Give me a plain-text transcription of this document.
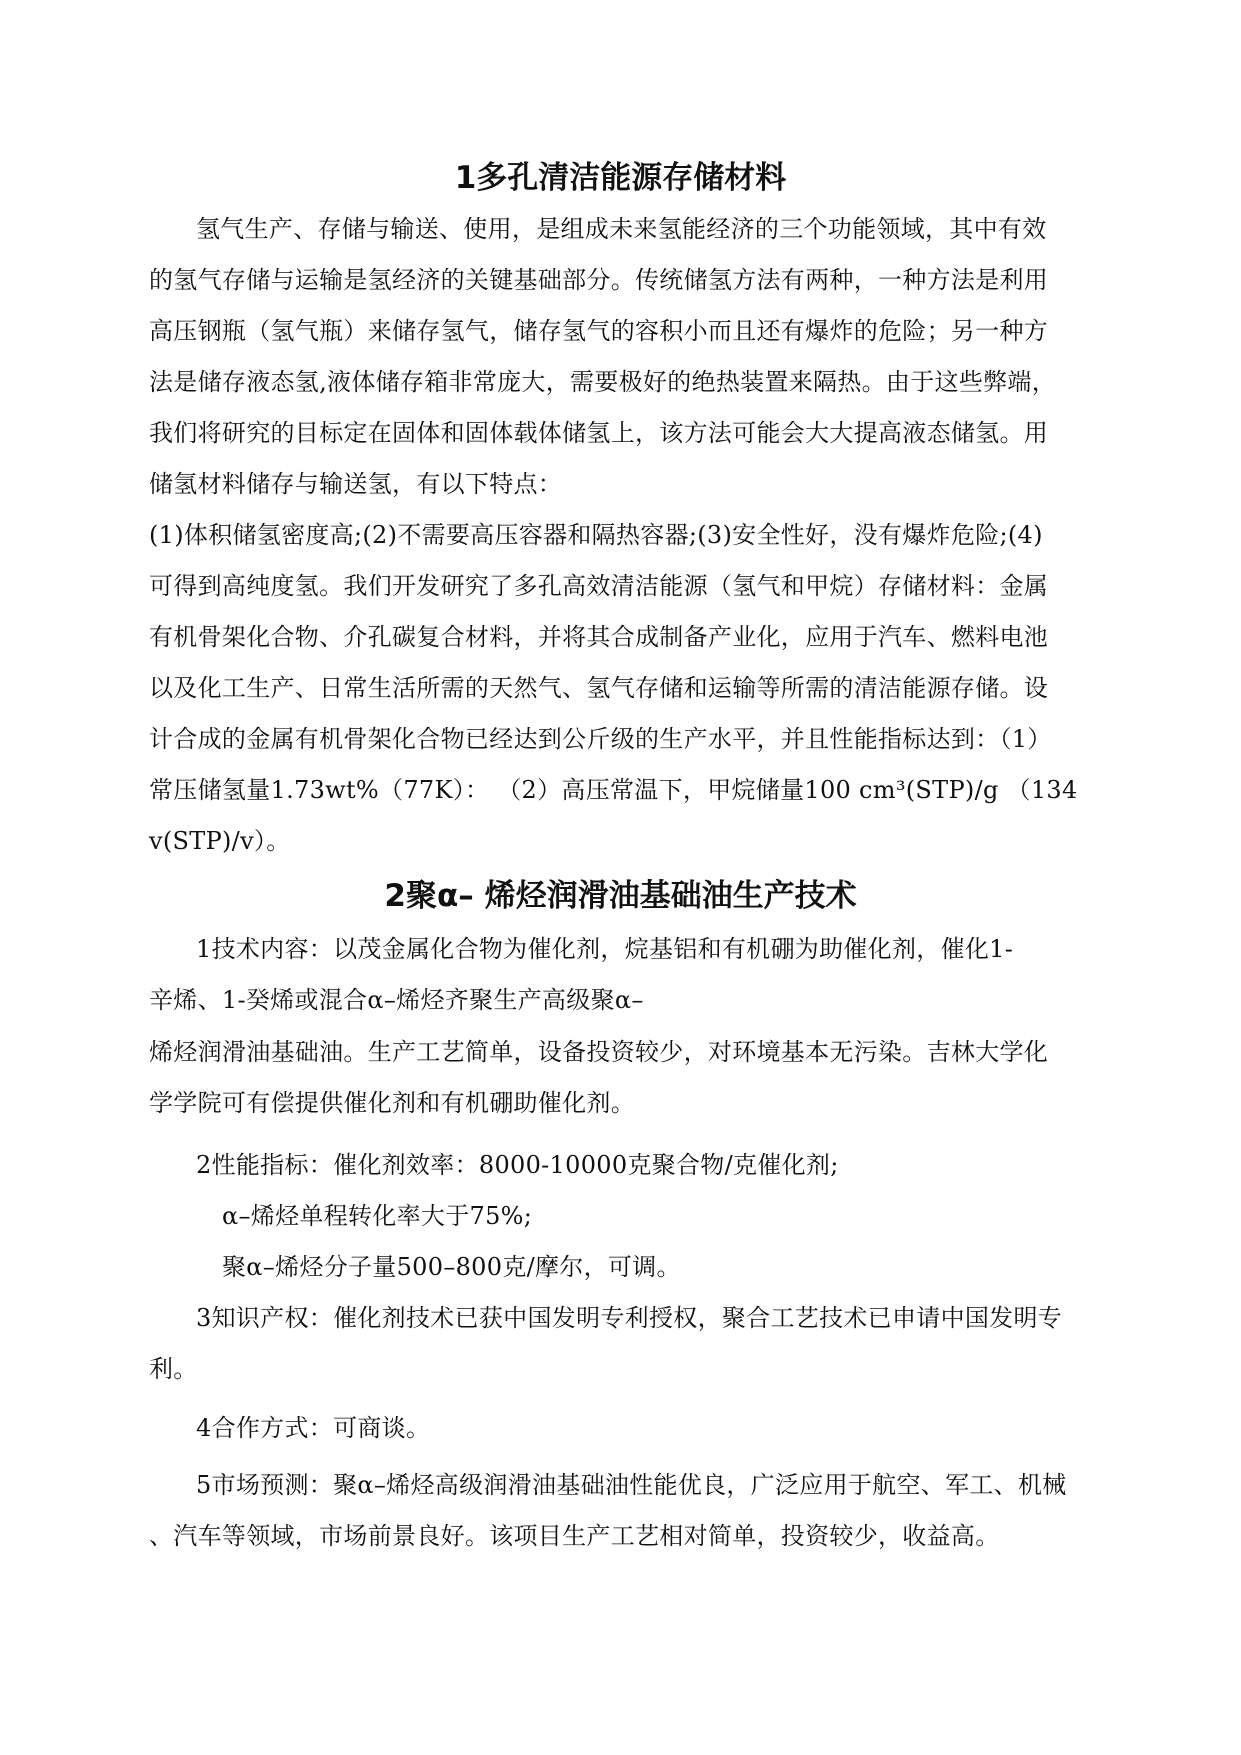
1多孔清洁能源存储材料
氢气生产、存储与输送、使用，是组成未来氢能经济的三个功能领域，其中有效
的氢气存储与运输是氢经济的关键基础部分。传统储氢方法有两种，一种方法是利用
高压钢瓶（氢气瓶）来储存氢气，储存氢气的容积小而且还有爆炸的危险；另一种方
法是储存液态氢,液体储存箱非常庞大，需要极好的绝热装置来隔热。由于这些弊端，
我们将研究的目标定在固体和固体载体储氢上，该方法可能会大大提高液态储氢。用
储氢材料储存与输送氢，有以下特点：
(1)体积储氢密度高;(2)不需要高压容器和隔热容器;(3)安全性好，没有爆炸危险;(4)
可得到高纯度氢。我们开发研究了多孔高效清洁能源（氢气和甲烷）存储材料：金属
有机骨架化合物、介孔碳复合材料，并将其合成制备产业化，应用于汽车、燃料电池
以及化工生产、日常生活所需的天然气、氢气存储和运输等所需的清洁能源存储。设
计合成的金属有机骨架化合物已经达到公斤级的生产水平，并且性能指标达到：（1）
常压储氢量1.73wt%（77K）： （2）高压常温下，甲烷储量100 cm³(STP)/g （134
v(STP)/v）。
2聚α– 烯烃润滑油基础油生产技术
1技术内容：以茂金属化合物为催化剂，烷基铝和有机硼为助催化剂，催化1-
辛烯、1-癸烯或混合α–烯烃齐聚生产高级聚α–
烯烃润滑油基础油。生产工艺简单，设备投资较少，对环境基本无污染。吉林大学化
学学院可有偿提供催化剂和有机硼助催化剂。
2性能指标：催化剂效率：8000-10000克聚合物/克催化剂;
α–烯烃单程转化率大于75%;
聚α–烯烃分子量500–800克/摩尔，可调。
3知识产权：催化剂技术已获中国发明专利授权，聚合工艺技术已申请中国发明专
利。
4合作方式：可商谈。
5市场预测：聚α–烯烃高级润滑油基础油性能优良，广泛应用于航空、军工、机械
、汽车等领域，市场前景良好。该项目生产工艺相对简单，投资较少，收益高。
